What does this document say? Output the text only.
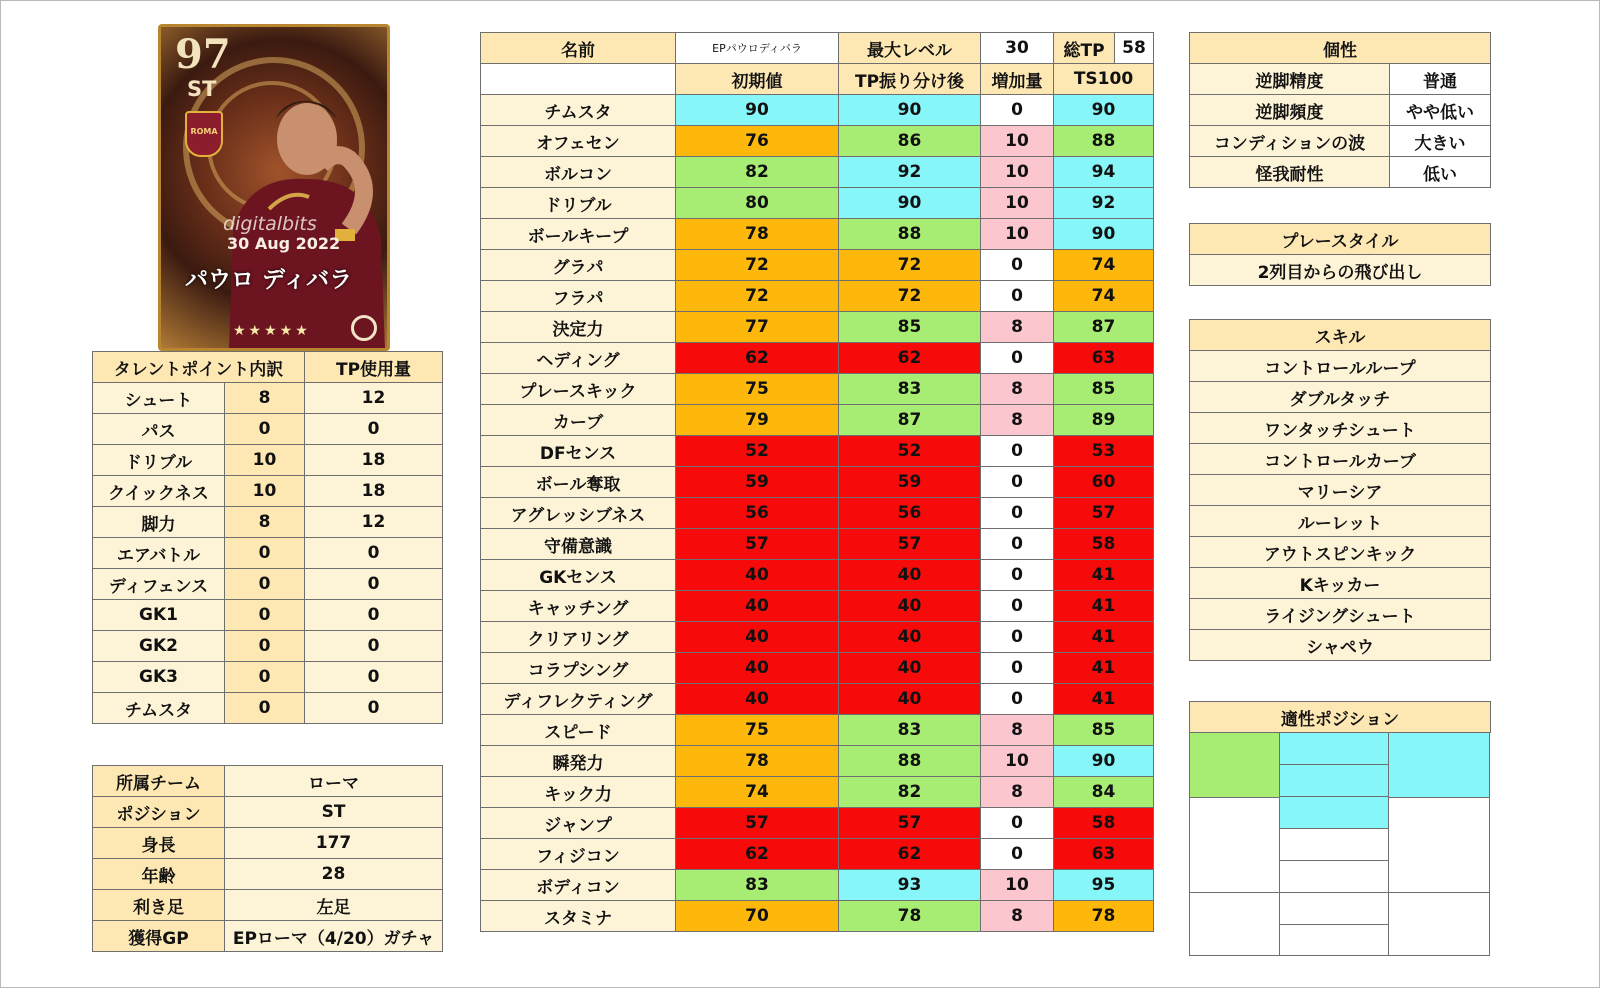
97
ST
ROMA
digitalbits
30 Aug 2022
パウロ ディバラ
★★★★★
タレントポイント内訳		TP使用量
シュート	8	12
パス	0	0
ドリブル	10	18
クイックネス	10	18
脚力	8	12
エアバトル	0	0
ディフェンス	0	0
GK1	0	0
GK2	0	0
GK3	0	0
チムスタ	0	0
所属チーム	ローマ
ポジション	ST
身長	177
年齢	28
利き足	左足
獲得GP	EPローマ（4/20）ガチャ
名前	EPパウロディバラ	最大レベル	30	総TP	58
	初期値	TP振り分け後	増加量	TS100	
チムスタ	90	90	0	90	
オフェセン	76	86	10	88	
ボルコン	82	92	10	94	
ドリブル	80	90	10	92	
ボールキープ	78	88	10	90	
グラパ	72	72	0	74	
フラパ	72	72	0	74	
決定力	77	85	8	87	
ヘディング	62	62	0	63	
プレースキック	75	83	8	85	
カーブ	79	87	8	89	
DFセンス	52	52	0	53	
ボール奪取	59	59	0	60	
アグレッシブネス	56	56	0	57	
守備意識	57	57	0	58	
GKセンス	40	40	0	41	
キャッチング	40	40	0	41	
クリアリング	40	40	0	41	
コラプシング	40	40	0	41	
ディフレクティング	40	40	0	41	
スピード	75	83	8	85	
瞬発力	78	88	10	90	
キック力	74	82	8	84	
ジャンプ	57	57	0	58	
フィジコン	62	62	0	63	
ボディコン	83	93	10	95	
スタミナ	70	78	8	78	
個性	
逆脚精度	普通
逆脚頻度	やや低い
コンディションの波	大きい
怪我耐性	低い
プレースタイル
2列目からの飛び出し
スキル
コントロールループ
ダブルタッチ
ワンタッチシュート
コントロールカーブ
マリーシア
ルーレット
アウトスピンキック
Kキッカー
ライジングシュート
シャペウ
適性ポジション
